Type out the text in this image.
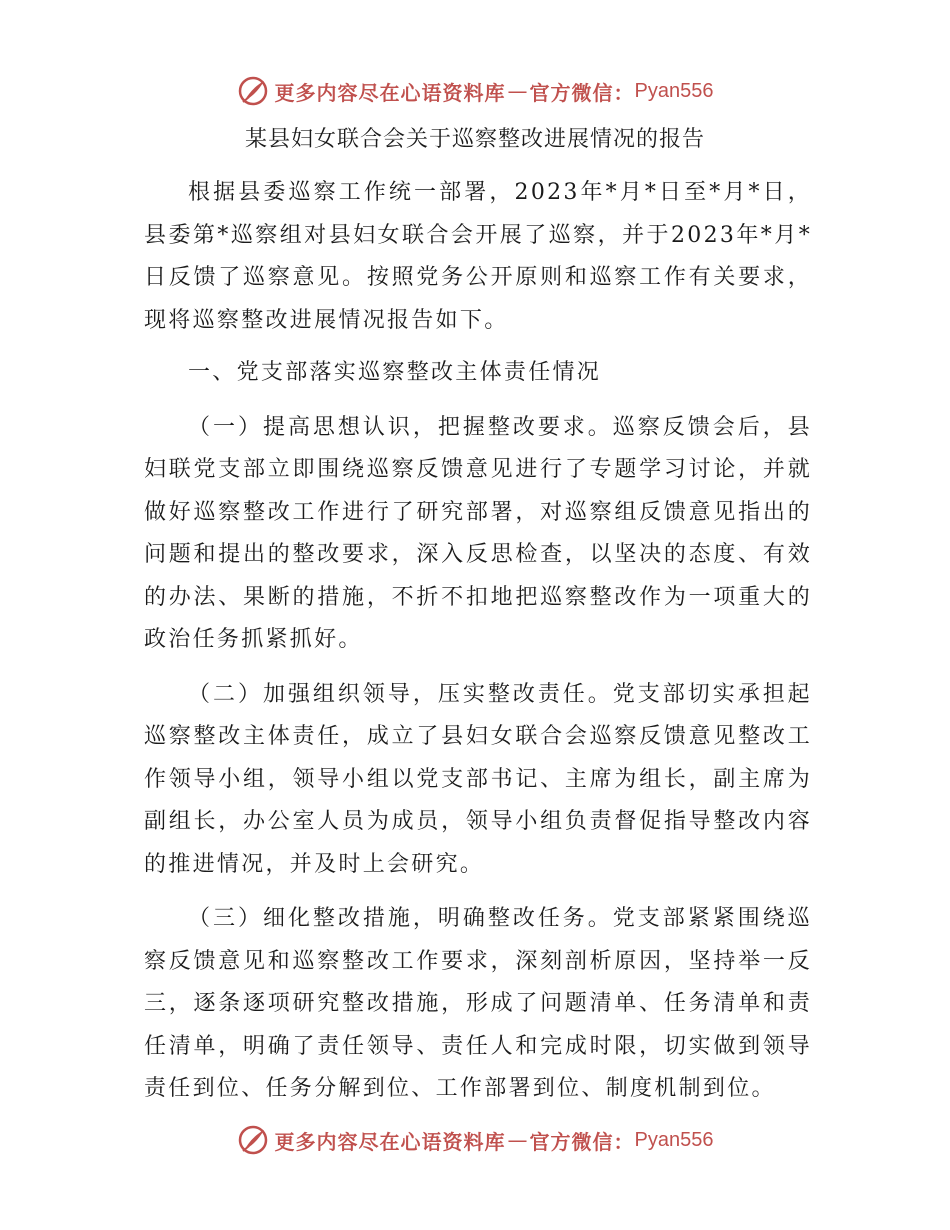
更多内容尽在心语资料库 — 官方微信： Pyan556
某县妇女联合会关于巡察整改进展情况的报告

根据县委巡察工作统一部署，2023年*月*日至*月*日，县委第*巡察组对县妇女联合会开展了巡察，并于2023年*月*日反馈了巡察意见。按照党务公开原则和巡察工作有关要求，现将巡察整改进展情况报告如下。

一、党支部落实巡察整改主体责任情况

（一）提高思想认识，把握整改要求。巡察反馈会后，县妇联党支部立即围绕巡察反馈意见进行了专题学习讨论，并就做好巡察整改工作进行了研究部署，对巡察组反馈意见指出的问题和提出的整改要求，深入反思检查，以坚决的态度、有效的办法、果断的措施，不折不扣地把巡察整改作为一项重大的政治任务抓紧抓好。

（二）加强组织领导，压实整改责任。党支部切实承担起巡察整改主体责任，成立了县妇女联合会巡察反馈意见整改工作领导小组，领导小组以党支部书记、主席为组长，副主席为副组长，办公室人员为成员，领导小组负责督促指导整改内容的推进情况，并及时上会研究。

（三）细化整改措施，明确整改任务。党支部紧紧围绕巡察反馈意见和巡察整改工作要求，深刻剖析原因，坚持举一反三，逐条逐项研究整改措施，形成了问题清单、任务清单和责任清单，明确了责任领导、责任人和完成时限，切实做到领导责任到位、任务分解到位、工作部署到位、制度机制到位。

更多内容尽在心语资料库 — 官方微信： Pyan556
